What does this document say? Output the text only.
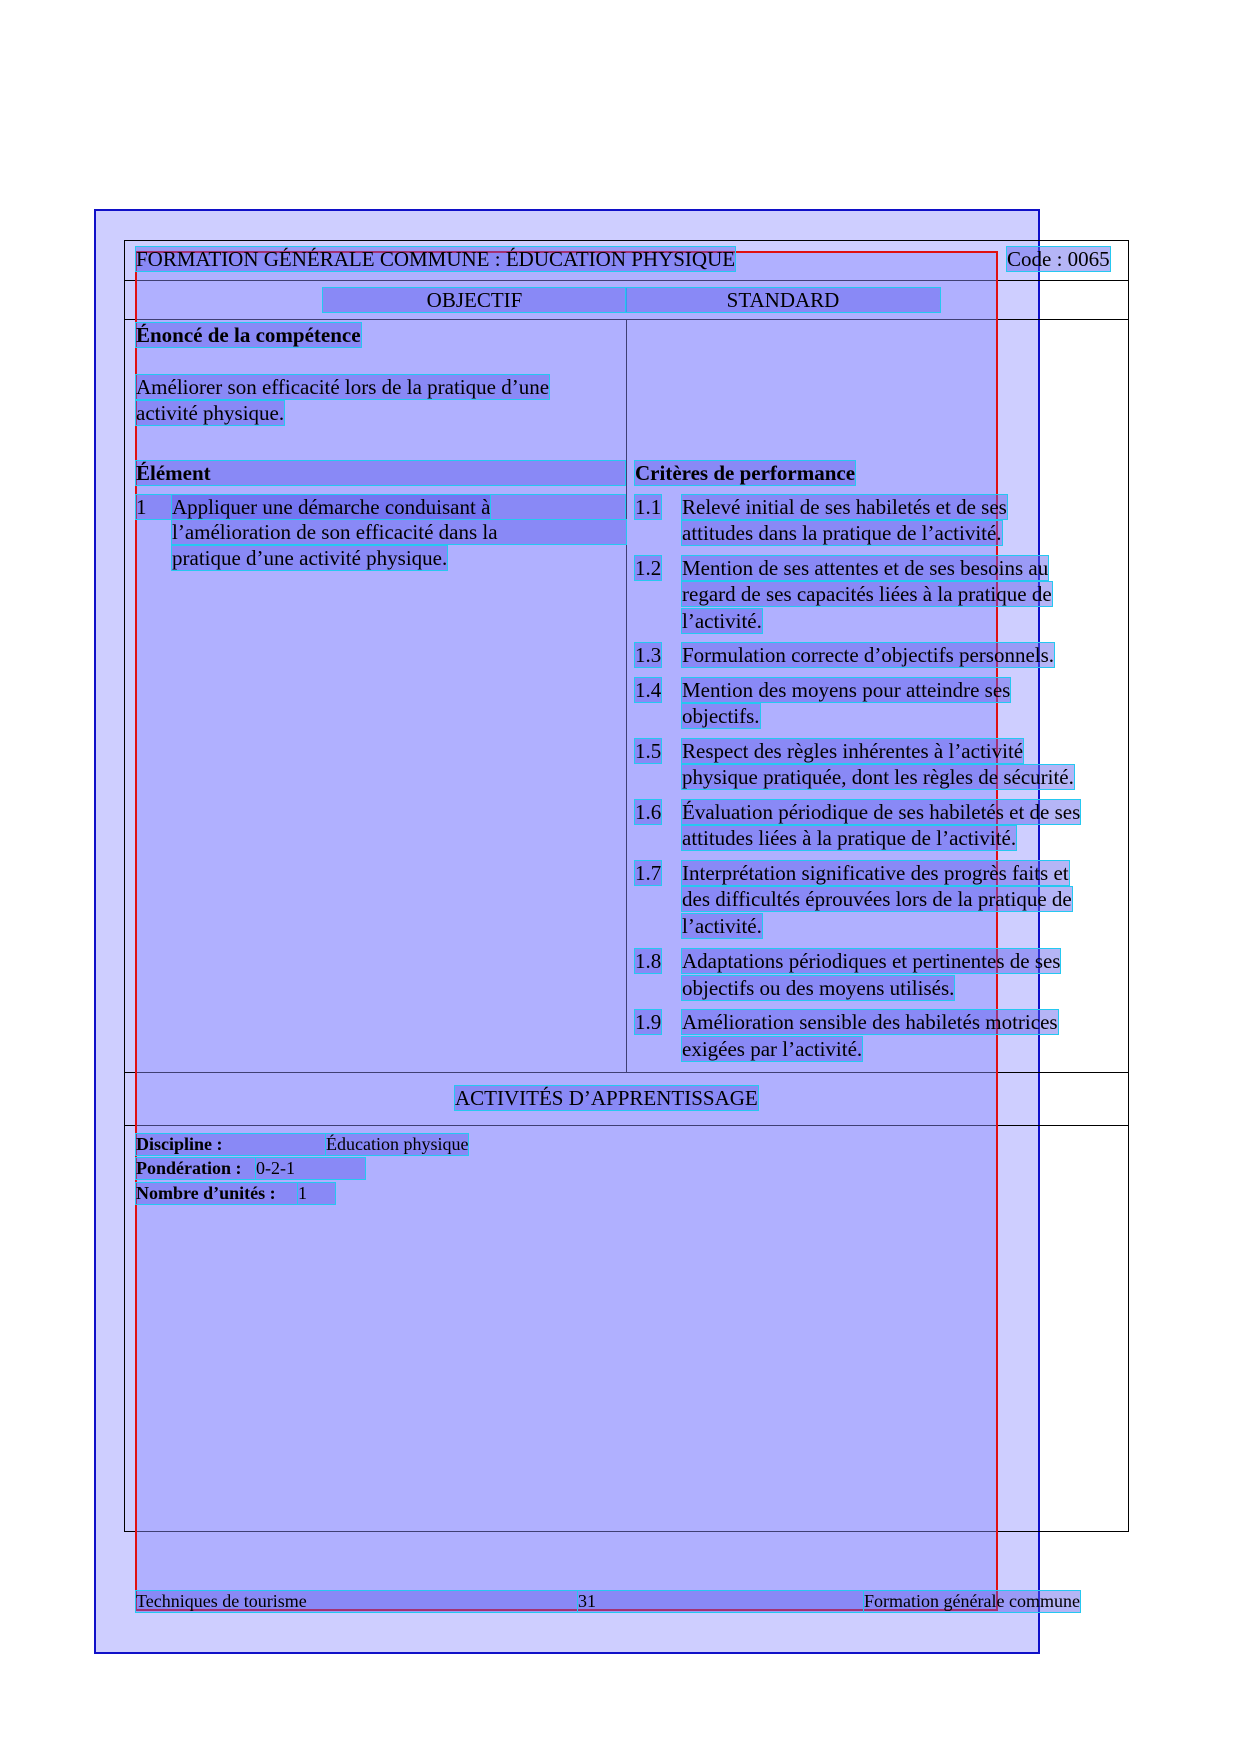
FORMATION GÉNÉRALE COMMUNE : ÉDUCATION PHYSIQUE	Code : 0065
OBJECTIF	STANDARD
Énoncé de la compétence
Améliorer son efficacité lors de la pratique d’une
activité physique.
Élément
1	Appliquer une démarche conduisant à
l’amélioration de son efficacité dans la
pratique d’une activité physique.
Critères de performance
1.1 Relevé initial de ses habiletés et de ses
attitudes dans la pratique de l’activité.
1.2 Mention de ses attentes et de ses besoins au
regard de ses capacités liées à la pratique de
l’activité.
1.3 Formulation correcte d’objectifs personnels.
1.4 Mention des moyens pour atteindre ses
objectifs.
1.5 Respect des règles inhérentes à l’activité
physique pratiquée, dont les règles de sécurité.
1.6 Évaluation périodique de ses habiletés et de ses
attitudes liées à la pratique de l’activité.
1.7 Interprétation significative des progrès faits et
des difficultés éprouvées lors de la pratique de
l’activité.
1.8 Adaptations périodiques et pertinentes de ses
objectifs ou des moyens utilisés.
1.9 Amélioration sensible des habiletés motrices
exigées par l’activité.
ACTIVITÉS D’APPRENTISSAGE
Discipline :	Éducation physique
Pondération : 0-2-1
Nombre d’unités :	1
Techniques de tourisme	31	Formation générale commune
